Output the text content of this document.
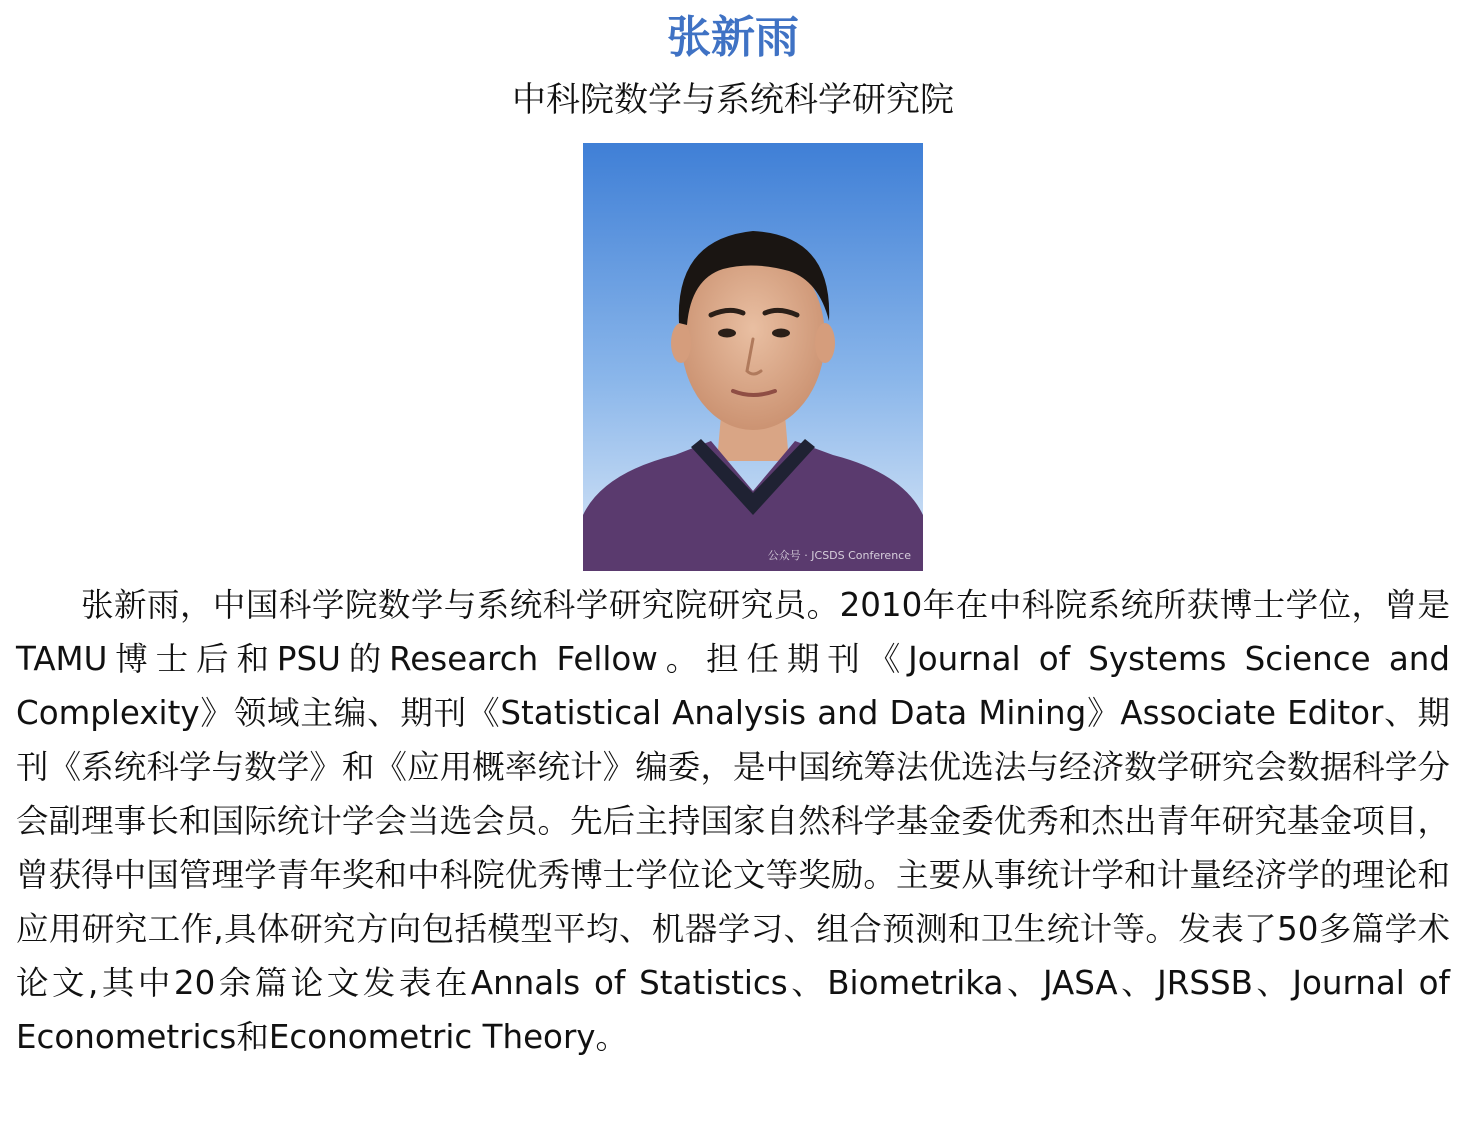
张新雨
中科院数学与系统科学研究院
公众号 · JCSDS Conference

张新雨，中国科学院数学与系统科学研究院研究员。2010年在中科院系统所获博士学位，曾是TAMU博士后和PSU的Research Fellow。担任期刊《Journal of Systems Science and Complexity》领域主编、期刊《Statistical Analysis and Data Mining》Associate Editor、期刊《系统科学与数学》和《应用概率统计》编委，是中国统筹法优选法与经济数学研究会数据科学分会副理事长和国际统计学会当选会员。先后主持国家自然科学基金委优秀和杰出青年研究基金项目，曾获得中国管理学青年奖和中科院优秀博士学位论文等奖励。主要从事统计学和计量经济学的理论和应用研究工作,具体研究方向包括模型平均、机器学习、组合预测和卫生统计等。发表了50多篇学术论文,其中20余篇论文发表在Annals of Statistics、Biometrika、JASA、JRSSB、Journal of Econometrics和Econometric Theory。
